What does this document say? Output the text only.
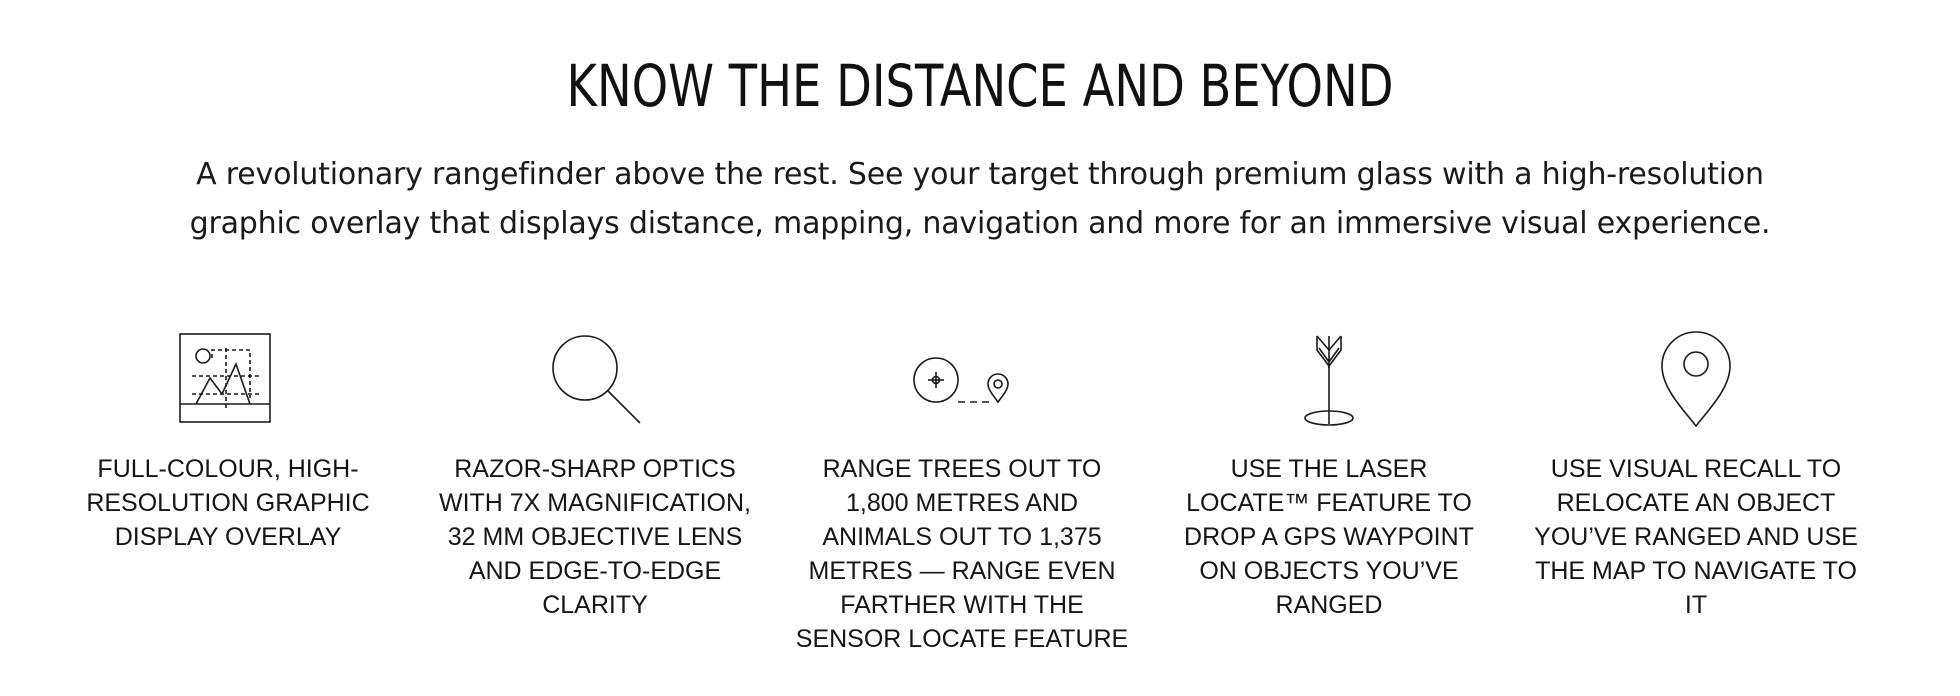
KNOW THE DISTANCE AND BEYOND

A revolutionary rangefinder above the rest. See your target through premium glass with a high-resolution graphic overlay that displays distance, mapping, navigation and more for an immersive visual experience.

FULL-COLOUR, HIGH-RESOLUTION GRAPHIC DISPLAY OVERLAY
RAZOR-SHARP OPTICS WITH 7X MAGNIFICATION, 32 MM OBJECTIVE LENS AND EDGE-TO-EDGE CLARITY
RANGE TREES OUT TO 1,800 METRES AND ANIMALS OUT TO 1,375 METRES — RANGE EVEN FARTHER WITH THE SENSOR LOCATE FEATURE
USE THE LASER LOCATE™ FEATURE TO DROP A GPS WAYPOINT ON OBJECTS YOU’VE RANGED
USE VISUAL RECALL TO RELOCATE AN OBJECT YOU’VE RANGED AND USE THE MAP TO NAVIGATE TO IT
